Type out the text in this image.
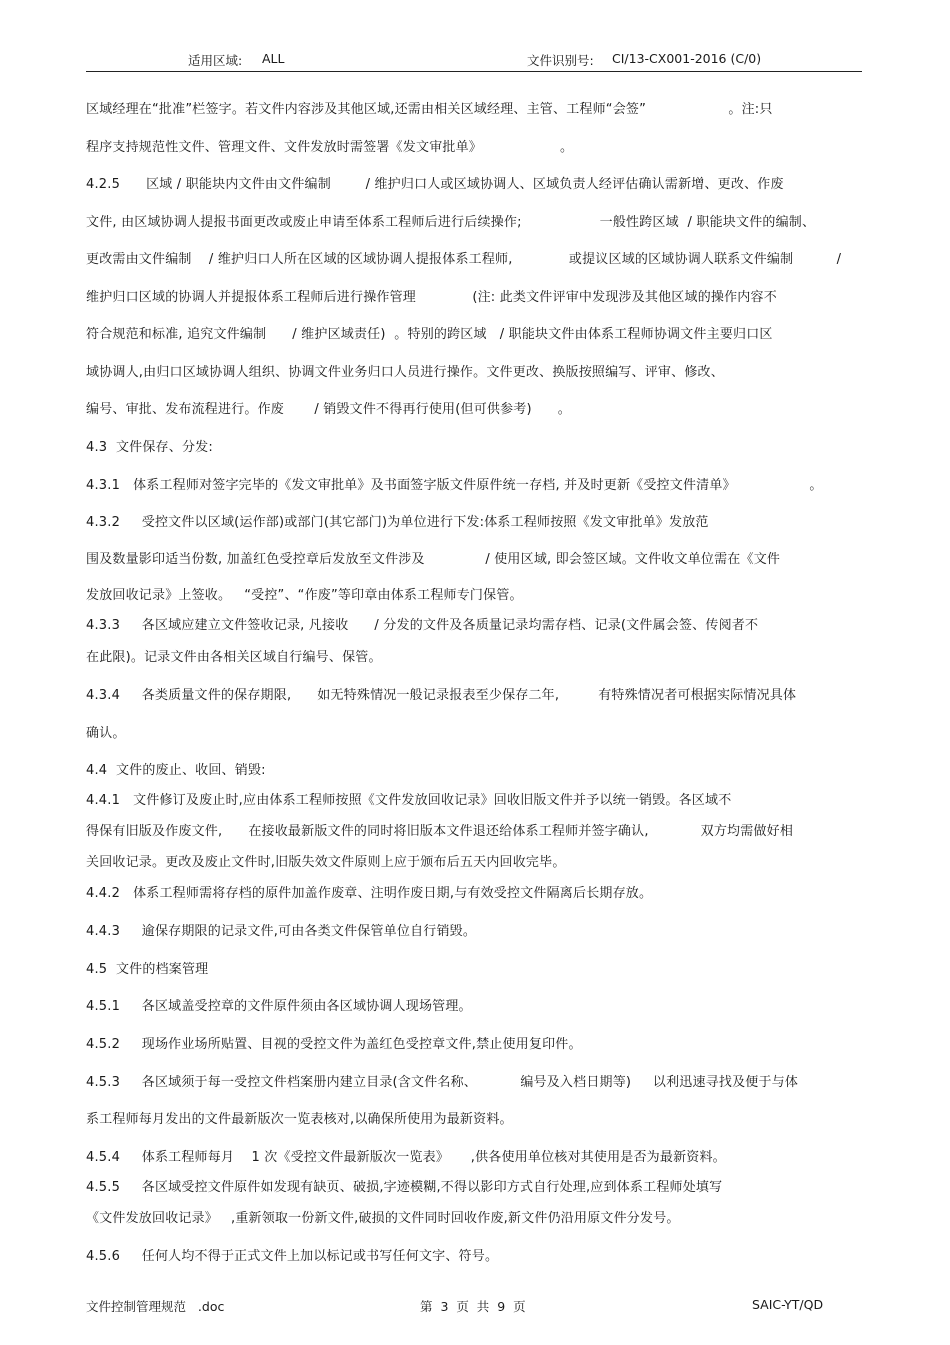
适用区域: ALL	文件识别号: CI/13-CX001-2016 (C/0)
区域经理在“批准”栏签字。若文件内容涉及其他区域,还需由相关区域经理、主管、工程师“会签”                   。注:只
程序支持规范性文件、管理文件、文件发放时需签署《发文审批单》                  。
4.2.5      区域 / 职能块内文件由文件编制        / 维护归口人或区域协调人、区域负责人经评估确认需新增、更改、作废
文件, 由区域协调人提报书面更改或废止申请至体系工程师后进行后续操作;                  一般性跨区域  / 职能块文件的编制、
更改需由文件编制    / 维护归口人所在区域的区域协调人提报体系工程师,             或提议区域的区域协调人联系文件编制          /
维护归口区域的协调人并提报体系工程师后进行操作管理             (注: 此类文件评审中发现涉及其他区域的操作内容不
符合规范和标准, 追究文件编制      / 维护区域责任)  。特别的跨区域   / 职能块文件由体系工程师协调文件主要归口区
域协调人,由归口区域协调人组织、协调文件业务归口人员进行操作。文件更改、换版按照编写、评审、修改、
编号、审批、发布流程进行。作废       / 销毁文件不得再行使用(但可供参考)      。
4.3  文件保存、分发:
4.3.1   体系工程师对签字完毕的《发文审批单》及书面签字版文件原件统一存档, 并及时更新《受控文件清单》                 。
4.3.2     受控文件以区域(运作部)或部门(其它部门)为单位进行下发:体系工程师按照《发文审批单》发放范
围及数量影印适当份数, 加盖红色受控章后发放至文件涉及              / 使用区域, 即会签区域。文件收文单位需在《文件
发放回收记录》上签收。   “受控”、“作废”等印章由体系工程师专门保管。
4.3.3     各区域应建立文件签收记录, 凡接收      / 分发的文件及各质量记录均需存档、记录(文件属会签、传阅者不
在此限)。记录文件由各相关区域自行编号、保管。
4.3.4     各类质量文件的保存期限,      如无特殊情况一般记录报表至少保存二年,         有特殊情况者可根据实际情况具体
确认。
4.4  文件的废止、收回、销毁:
4.4.1   文件修订及废止时,应由体系工程师按照《文件发放回收记录》回收旧版文件并予以统一销毁。各区域不
得保有旧版及作废文件,      在接收最新版文件的同时将旧版本文件退还给体系工程师并签字确认,            双方均需做好相
关回收记录。更改及废止文件时,旧版失效文件原则上应于颁布后五天内回收完毕。
4.4.2   体系工程师需将存档的原件加盖作废章、注明作废日期,与有效受控文件隔离后长期存放。
4.4.3     逾保存期限的记录文件,可由各类文件保管单位自行销毁。
4.5  文件的档案管理
4.5.1     各区域盖受控章的文件原件须由各区域协调人现场管理。
4.5.2     现场作业场所贴置、目视的受控文件为盖红色受控章文件,禁止使用复印件。
4.5.3     各区域须于每一受控文件档案册内建立目录(含文件名称、          编号及入档日期等)     以利迅速寻找及便于与体
系工程师每月发出的文件最新版次一览表核对,以确保所使用为最新资料。
4.5.4     体系工程师每月    1 次《受控文件最新版次一览表》     ,供各使用单位核对其使用是否为最新资料。
4.5.5     各区域受控文件原件如发现有缺页、破损,字迹模糊,不得以影印方式自行处理,应到体系工程师处填写
《文件发放回收记录》   ,重新领取一份新文件,破损的文件同时回收作废,新文件仍沿用原文件分发号。
4.5.6     任何人均不得于正式文件上加以标记或书写任何文字、符号。
文件控制管理规范   .doc	第  3  页  共  9  页	SAIC-YT/QD
